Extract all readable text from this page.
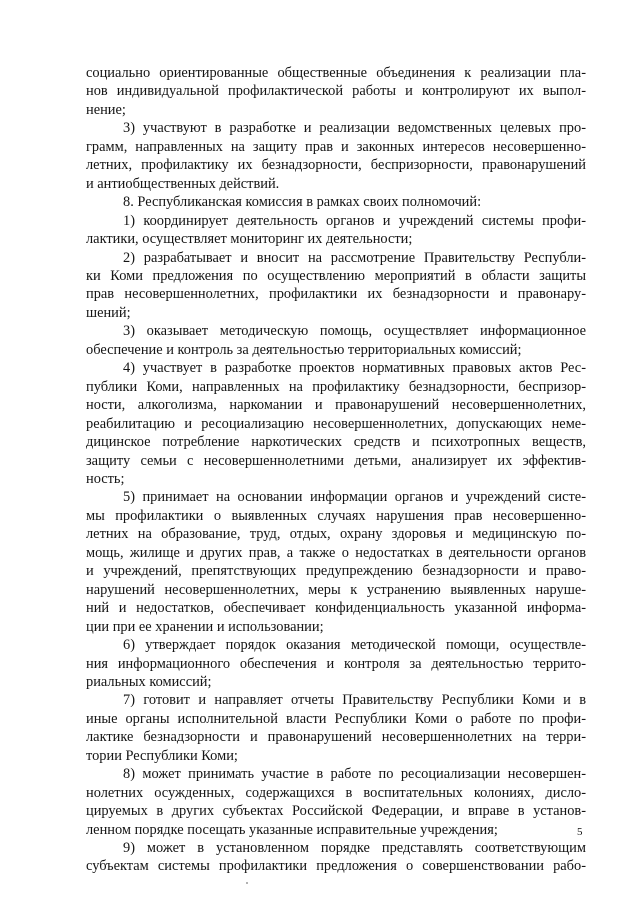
социально ориентированные общественные объединения к реализации пла-
нов индивидуальной профилактической работы и контролируют их выпол-
нение;
3) участвуют в разработке и реализации ведомственных целевых про-
грамм, направленных на защиту прав и законных интересов несовершенно-
летних, профилактику их безнадзорности, беспризорности, правонарушений
и антиобщественных действий.
8. Республиканская комиссия в рамках своих полномочий:
1) координирует деятельность органов и учреждений системы профи-
лактики, осуществляет мониторинг их деятельности;
2) разрабатывает и вносит на рассмотрение Правительству Республи-
ки Коми предложения по осуществлению мероприятий в области защиты
прав несовершеннолетних, профилактики их безнадзорности и правонару-
шений;
3) оказывает методическую помощь, осуществляет информационное
обеспечение и контроль за деятельностью территориальных комиссий;
4) участвует в разработке проектов нормативных правовых актов Рес-
публики Коми, направленных на профилактику безнадзорности, беспризор-
ности, алкоголизма, наркомании и правонарушений несовершеннолетних,
реабилитацию и ресоциализацию несовершеннолетних, допускающих неме-
дицинское потребление наркотических средств и психотропных веществ,
защиту семьи с несовершеннолетними детьми, анализирует их эффектив-
ность;
5) принимает на основании информации органов и учреждений систе-
мы профилактики о выявленных случаях нарушения прав несовершенно-
летних на образование, труд, отдых, охрану здоровья и медицинскую по-
мощь, жилище и других прав, а также о недостатках в деятельности органов
и учреждений, препятствующих предупреждению безнадзорности и право-
нарушений несовершеннолетних, меры к устранению выявленных наруше-
ний и недостатков, обеспечивает конфиденциальность указанной информа-
ции при ее хранении и использовании;
6) утверждает порядок оказания методической помощи, осуществле-
ния информационного обеспечения и контроля за деятельностью террито-
риальных комиссий;
7) готовит и направляет отчеты Правительству Республики Коми и в
иные органы исполнительной власти Республики Коми о работе по профи-
лактике безнадзорности и правонарушений несовершеннолетних на терри-
тории Республики Коми;
8) может принимать участие в работе по ресоциализации несовершен-
нолетних осужденных, содержащихся в воспитательных колониях, дисло-
цируемых в других субъектах Российской Федерации, и вправе в установ-
ленном порядке посещать указанные исправительные учреждения;
9) может в установленном порядке представлять соответствующим
субъектам системы профилактики предложения о совершенствовании рабо-
5
